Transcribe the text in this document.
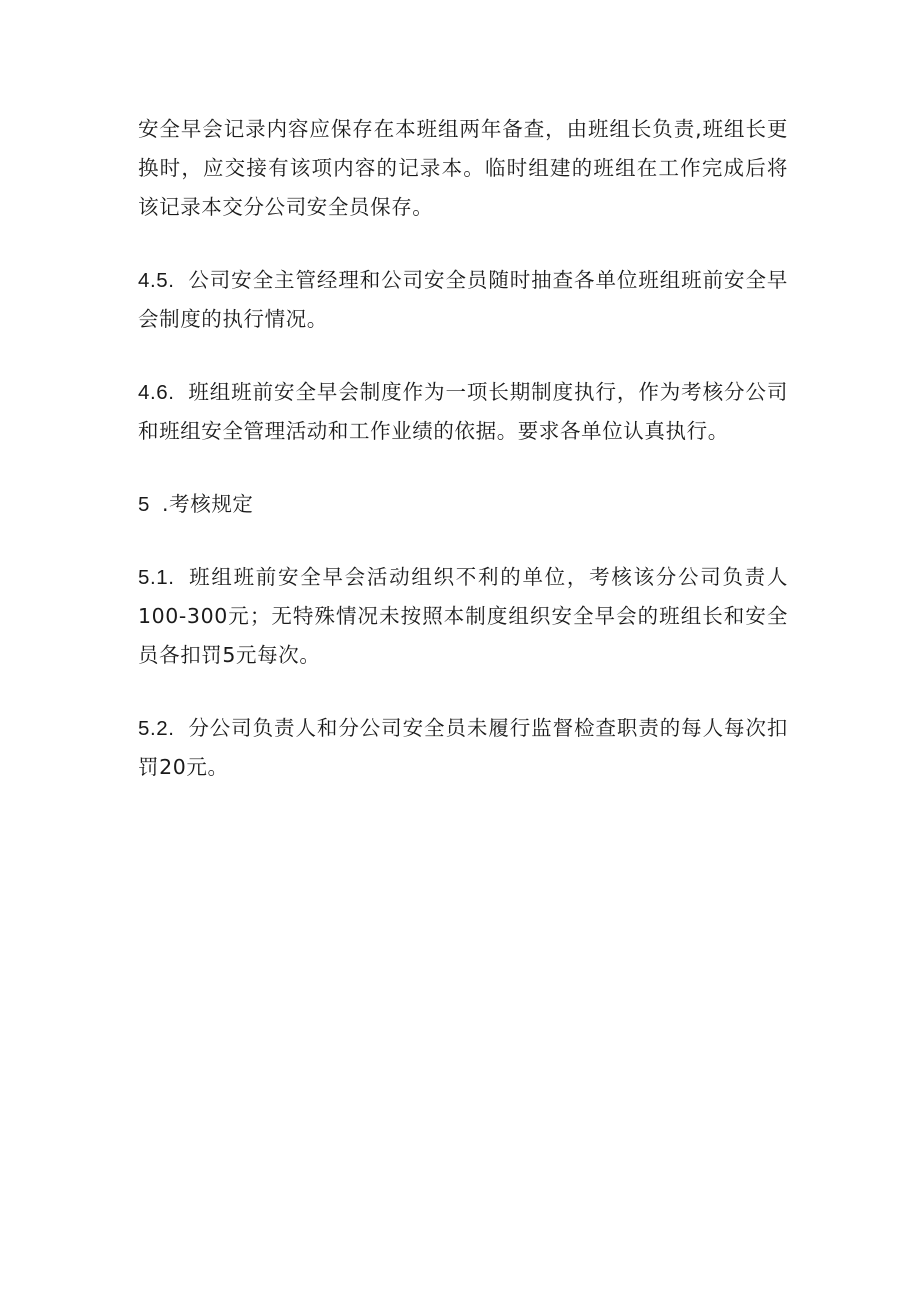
安全早会记录内容应保存在本班组两年备查，由班组长负责,班组长更换时，应交接有该项内容的记录本。临时组建的班组在工作完成后将该记录本交分公司安全员保存。

4.5. 公司安全主管经理和公司安全员随时抽查各单位班组班前安全早会制度的执行情况。

4.6. 班组班前安全早会制度作为一项长期制度执行，作为考核分公司和班组安全管理活动和工作业绩的依据。要求各单位认真执行。

5 .考核规定

5.1. 班组班前安全早会活动组织不利的单位，考核该分公司负责人100-300元；无特殊情况未按照本制度组织安全早会的班组长和安全员各扣罚5元每次。

5.2. 分公司负责人和分公司安全员未履行监督检查职责的每人每次扣罚20元。
